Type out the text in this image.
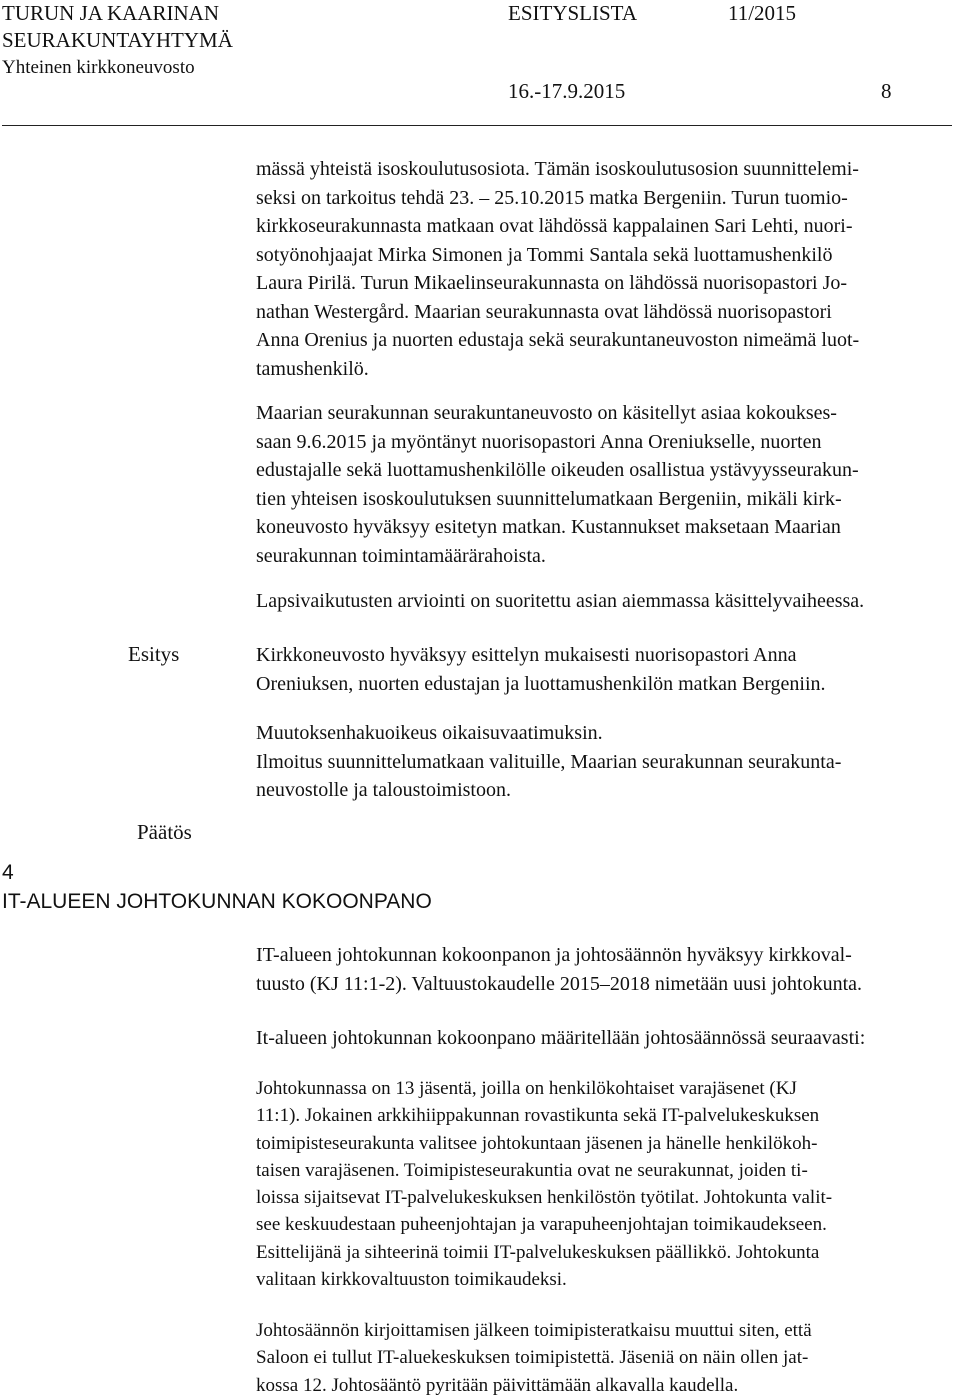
TURUN JA KAARINAN
SEURAKUNTAYHTYMÄ
Yhteinen kirkkoneuvosto
ESITYSLISTA	11/2015
16.-17.9.2015	8
mässä yhteistä isoskoulutusosiota. Tämän isoskoulutusosion suunnittelemi-
seksi on tarkoitus tehdä 23. – 25.10.2015 matka Bergeniin. Turun tuomio-
kirkkoseurakunnasta matkaan ovat lähdössä kappalainen Sari Lehti, nuori-
sotyönohjaajat Mirka Simonen ja Tommi Santala sekä luottamushenkilö
Laura Pirilä. Turun Mikaelinseurakunnasta on lähdössä nuorisopastori Jo-
nathan Westergård. Maarian seurakunnasta ovat lähdössä nuorisopastori
Anna Orenius ja nuorten edustaja sekä seurakuntaneuvoston nimeämä luot-
tamushenkilö.
Maarian seurakunnan seurakuntaneuvosto on käsitellyt asiaa kokoukses-
saan 9.6.2015 ja myöntänyt nuorisopastori Anna Oreniukselle, nuorten
edustajalle sekä luottamushenkilölle oikeuden osallistua ystävyysseurakun-
tien yhteisen isoskoulutuksen suunnittelumatkaan Bergeniin, mikäli kirk-
koneuvosto hyväksyy esitetyn matkan. Kustannukset maksetaan Maarian
seurakunnan toimintamäärärahoista.
Lapsivaikutusten arviointi on suoritettu asian aiemmassa käsittelyvaiheessa.
Esitys	Kirkkoneuvosto hyväksyy esittelyn mukaisesti nuorisopastori Anna
Oreniuksen, nuorten edustajan ja luottamushenkilön matkan Bergeniin.
Muutoksenhakuoikeus oikaisuvaatimuksin.
Ilmoitus suunnittelumatkaan valituille, Maarian seurakunnan seurakunta-
neuvostolle ja taloustoimistoon.
Päätös
4
IT-ALUEEN JOHTOKUNNAN KOKOONPANO
IT-alueen johtokunnan kokoonpanon ja johtosäännön hyväksyy kirkkoval-
tuusto (KJ 11:1-2). Valtuustokaudelle 2015–2018 nimetään uusi johtokunta.
It-alueen johtokunnan kokoonpano määritellään johtosäännössä seuraavasti:
Johtokunnassa on 13 jäsentä, joilla on henkilökohtaiset varajäsenet (KJ
11:1). Jokainen arkkihiippakunnan rovastikunta sekä IT-palvelukeskuksen
toimipisteseurakunta valitsee johtokuntaan jäsenen ja hänelle henkilökoh-
taisen varajäsenen. Toimipisteseurakuntia ovat ne seurakunnat, joiden ti-
loissa sijaitsevat IT-palvelukeskuksen henkilöstön työtilat. Johtokunta valit-
see keskuudestaan puheenjohtajan ja varapuheenjohtajan toimikaudekseen.
Esittelijänä ja sihteerinä toimii IT-palvelukeskuksen päällikkö. Johtokunta
valitaan kirkkovaltuuston toimikaudeksi.
Johtosäännön kirjoittamisen jälkeen toimipisteratkaisu muuttui siten, että
Saloon ei tullut IT-aluekeskuksen toimipistettä. Jäseniä on näin ollen jat-
kossa 12. Johtosääntö pyritään päivittämään alkavalla kaudella.
